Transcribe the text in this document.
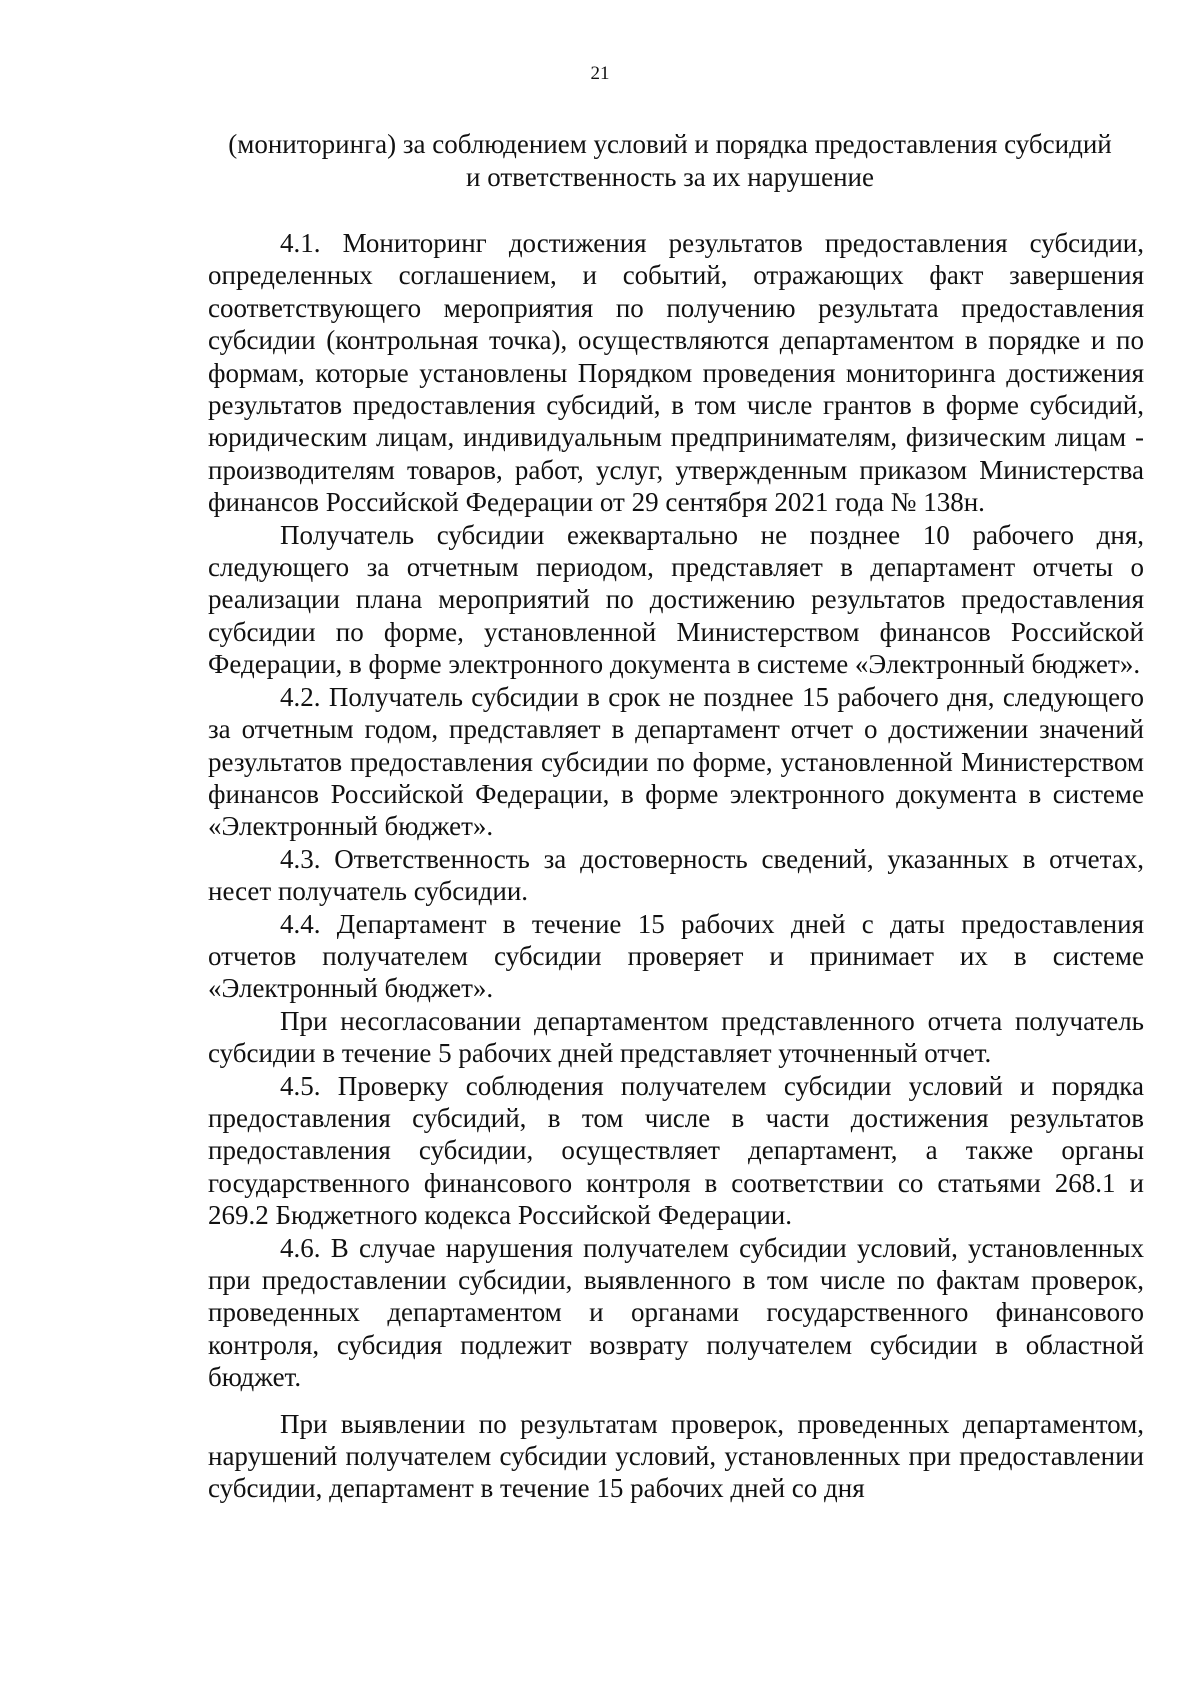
21
(мониторинга) за соблюдением условий и порядка предоставления субсидий
и ответственность за их нарушение

4.1. Мониторинг достижения результатов предоставления субсидии, определенных соглашением, и событий, отражающих факт завершения соответствующего мероприятия по получению результата предоставления субсидии (контрольная точка), осуществляются департаментом в порядке и по формам, которые установлены Порядком проведения мониторинга достижения результатов предоставления субсидий, в том числе грантов в форме субсидий, юридическим лицам, индивидуальным предпринимателям, физическим лицам - производителям товаров, работ, услуг, утвержденным приказом Министерства финансов Российской Федерации от 29 сентября 2021 года № 138н.

Получатель субсидии ежеквартально не позднее 10 рабочего дня, следующего за отчетным периодом, представляет в департамент отчеты о реализации плана мероприятий по достижению результатов предоставления субсидии по форме, установленной Министерством финансов Российской Федерации, в форме электронного документа в системе «Электронный бюджет».

4.2. Получатель субсидии в срок не позднее 15 рабочего дня, следующего за отчетным годом, представляет в департамент отчет о достижении значений результатов предоставления субсидии по форме, установленной Министерством финансов Российской Федерации, в форме электронного документа в системе «Электронный бюджет».

4.3. Ответственность за достоверность сведений, указанных в отчетах, несет получатель субсидии.

4.4. Департамент в течение 15 рабочих дней с даты предоставления отчетов получателем субсидии проверяет и принимает их в системе «Электронный бюджет».

При несогласовании департаментом представленного отчета получатель субсидии в течение 5 рабочих дней представляет уточненный отчет.

4.5. Проверку соблюдения получателем субсидии условий и порядка предоставления субсидий, в том числе в части достижения результатов предоставления субсидии, осуществляет департамент, а также органы государственного финансового контроля в соответствии со статьями 268.1 и 269.2 Бюджетного кодекса Российской Федерации.

4.6. В случае нарушения получателем субсидии условий, установленных при предоставлении субсидии, выявленного в том числе по фактам проверок, проведенных департаментом и органами государственного финансового контроля, субсидия подлежит возврату получателем субсидии в областной бюджет.

При выявлении по результатам проверок, проведенных департаментом, нарушений получателем субсидии условий, установленных при предоставлении субсидии, департамент в течение 15 рабочих дней со дня
